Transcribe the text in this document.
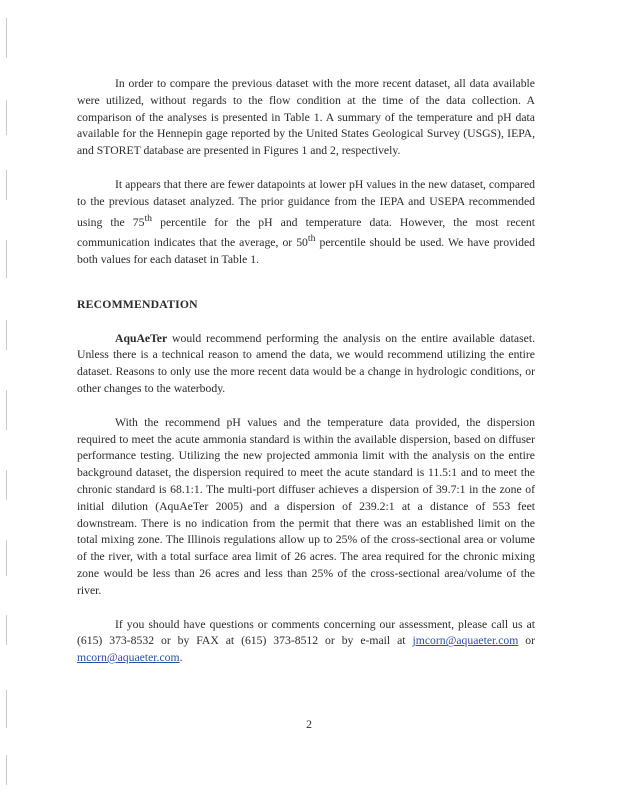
In order to compare the previous dataset with the more recent dataset, all data available were utilized, without regards to the flow condition at the time of the data collection. A comparison of the analyses is presented in Table 1. A summary of the temperature and pH data available for the Hennepin gage reported by the United States Geological Survey (USGS), IEPA, and STORET database are presented in Figures 1 and 2, respectively.

It appears that there are fewer datapoints at lower pH values in the new dataset, compared to the previous dataset analyzed. The prior guidance from the IEPA and USEPA recommended using the 75th percentile for the pH and temperature data. However, the most recent communication indicates that the average, or 50th percentile should be used. We have provided both values for each dataset in Table 1.

RECOMMENDATION

AquAeTer would recommend performing the analysis on the entire available dataset. Unless there is a technical reason to amend the data, we would recommend utilizing the entire dataset. Reasons to only use the more recent data would be a change in hydrologic conditions, or other changes to the waterbody.

With the recommend pH values and the temperature data provided, the dispersion required to meet the acute ammonia standard is within the available dispersion, based on diffuser performance testing. Utilizing the new projected ammonia limit with the analysis on the entire background dataset, the dispersion required to meet the acute standard is 11.5:1 and to meet the chronic standard is 68.1:1. The multi-port diffuser achieves a dispersion of 39.7:1 in the zone of initial dilution (AquAeTer 2005) and a dispersion of 239.2:1 at a distance of 553 feet downstream. There is no indication from the permit that there was an established limit on the total mixing zone. The Illinois regulations allow up to 25% of the cross-sectional area or volume of the river, with a total surface area limit of 26 acres. The area required for the chronic mixing zone would be less than 26 acres and less than 25% of the cross-sectional area/volume of the river.

If you should have questions or comments concerning our assessment, please call us at (615) 373-8532 or by FAX at (615) 373-8512 or by e-mail at jmcorn@aquaeter.com or mcorn@aquaeter.com.

2
